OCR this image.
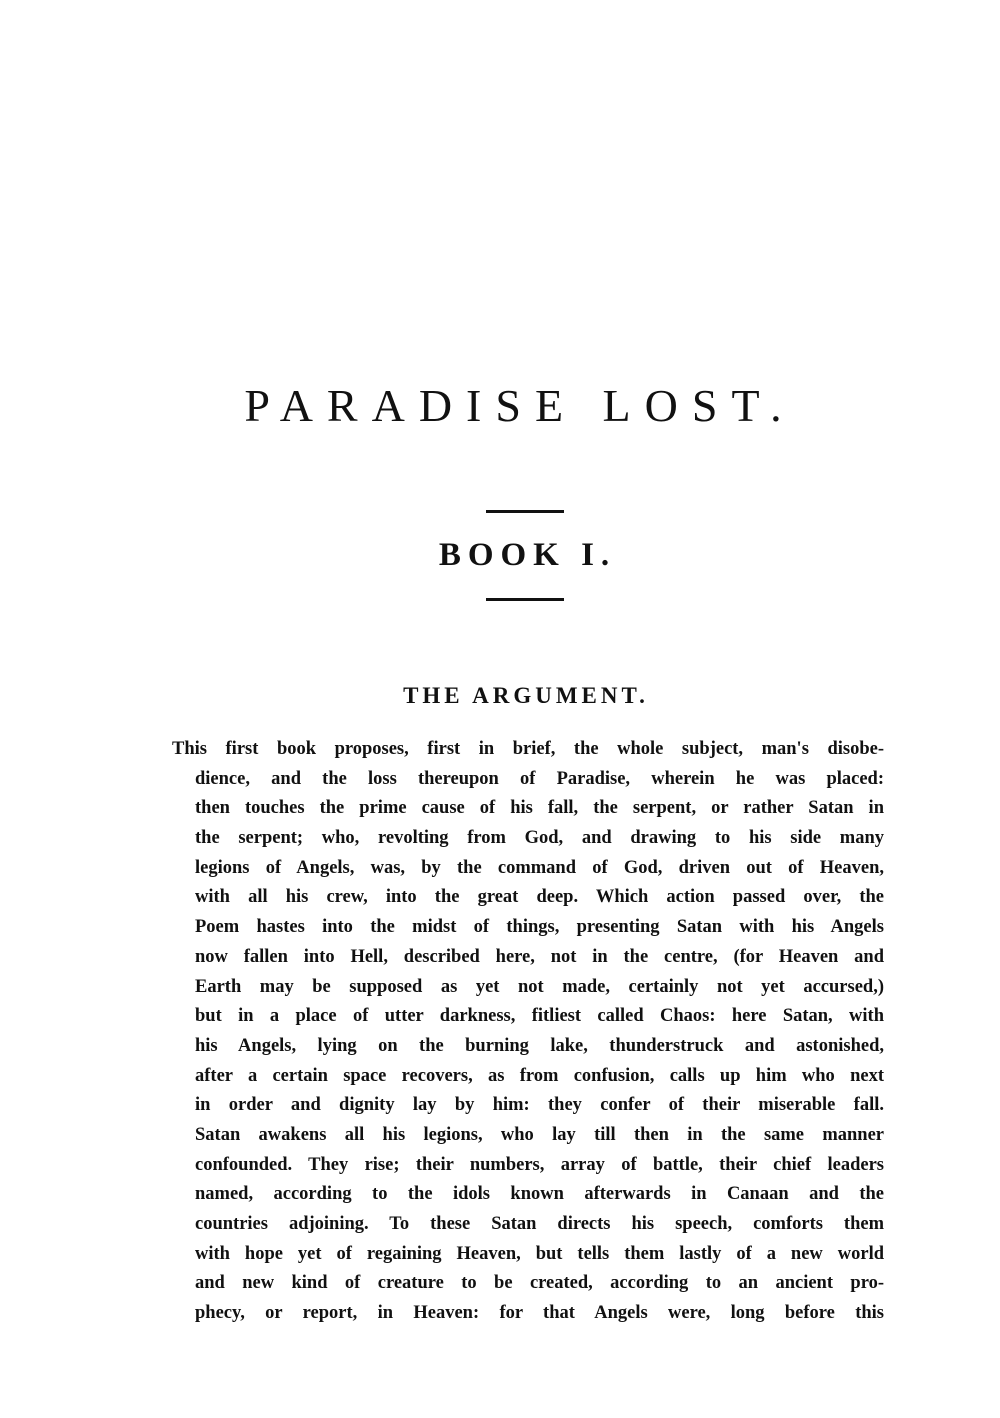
PARADISE LOST.
BOOK I.
THE ARGUMENT.
This first book proposes, first in brief, the whole subject, man's disobe-
dience, and the loss thereupon of Paradise, wherein he was placed:
then touches the prime cause of his fall, the serpent, or rather Satan in
the serpent; who, revolting from God, and drawing to his side many
legions of Angels, was, by the command of God, driven out of Heaven,
with all his crew, into the great deep. Which action passed over, the
Poem hastes into the midst of things, presenting Satan with his Angels
now fallen into Hell, described here, not in the centre, (for Heaven and
Earth may be supposed as yet not made, certainly not yet accursed,)
but in a place of utter darkness, fitliest called Chaos: here Satan, with
his Angels, lying on the burning lake, thunderstruck and astonished,
after a certain space recovers, as from confusion, calls up him who next
in order and dignity lay by him: they confer of their miserable fall.
Satan awakens all his legions, who lay till then in the same manner
confounded. They rise; their numbers, array of battle, their chief leaders
named, according to the idols known afterwards in Canaan and the
countries adjoining. To these Satan directs his speech, comforts them
with hope yet of regaining Heaven, but tells them lastly of a new world
and new kind of creature to be created, according to an ancient pro-
phecy, or report, in Heaven: for that Angels were, long before this
